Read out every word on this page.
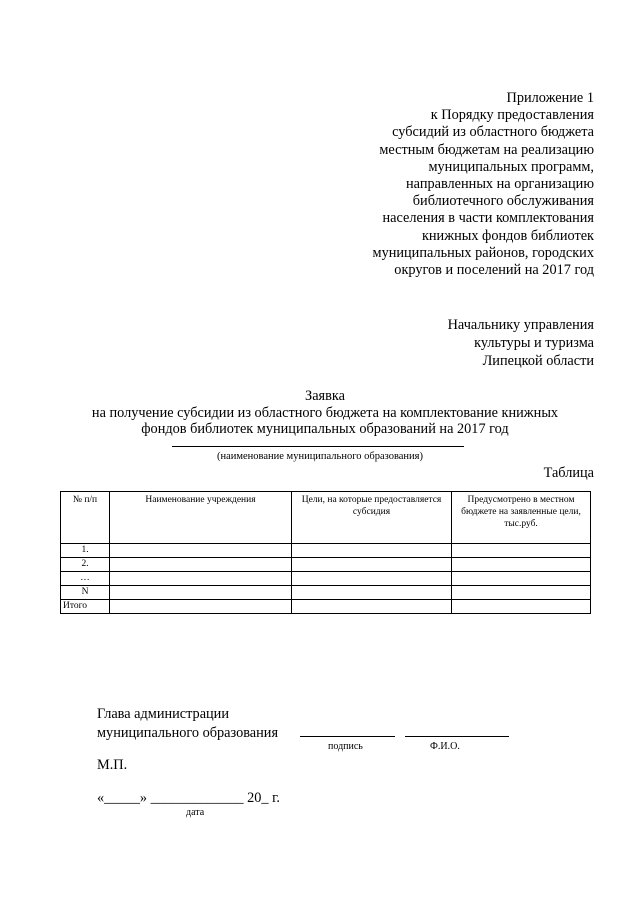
Приложение 1
к Порядку предоставления
субсидий из областного бюджета
местным бюджетам на реализацию
муниципальных программ,
направленных на организацию
библиотечного обслуживания
населения в части комплектования
книжных фондов библиотек
муниципальных районов, городских
округов и поселений на 2017 год
Начальнику управления
культуры и туризма
Липецкой области
Заявка
на получение субсидии из областного бюджета на комплектование книжных
фондов библиотек муниципальных образований на 2017 год
(наименование муниципального образования)
Таблица
№ п/п	Наименование учреждения	Цели, на которые предоставляется субсидия	Предусмотрено в местном бюджете на заявленные цели, тыс.руб.
1.			
2.			
…			
N			
Итого			
Глава администрации
муниципального образования
подпись	Ф.И.О.
М.П.
«_____» _____________ 20_ г.
дата
